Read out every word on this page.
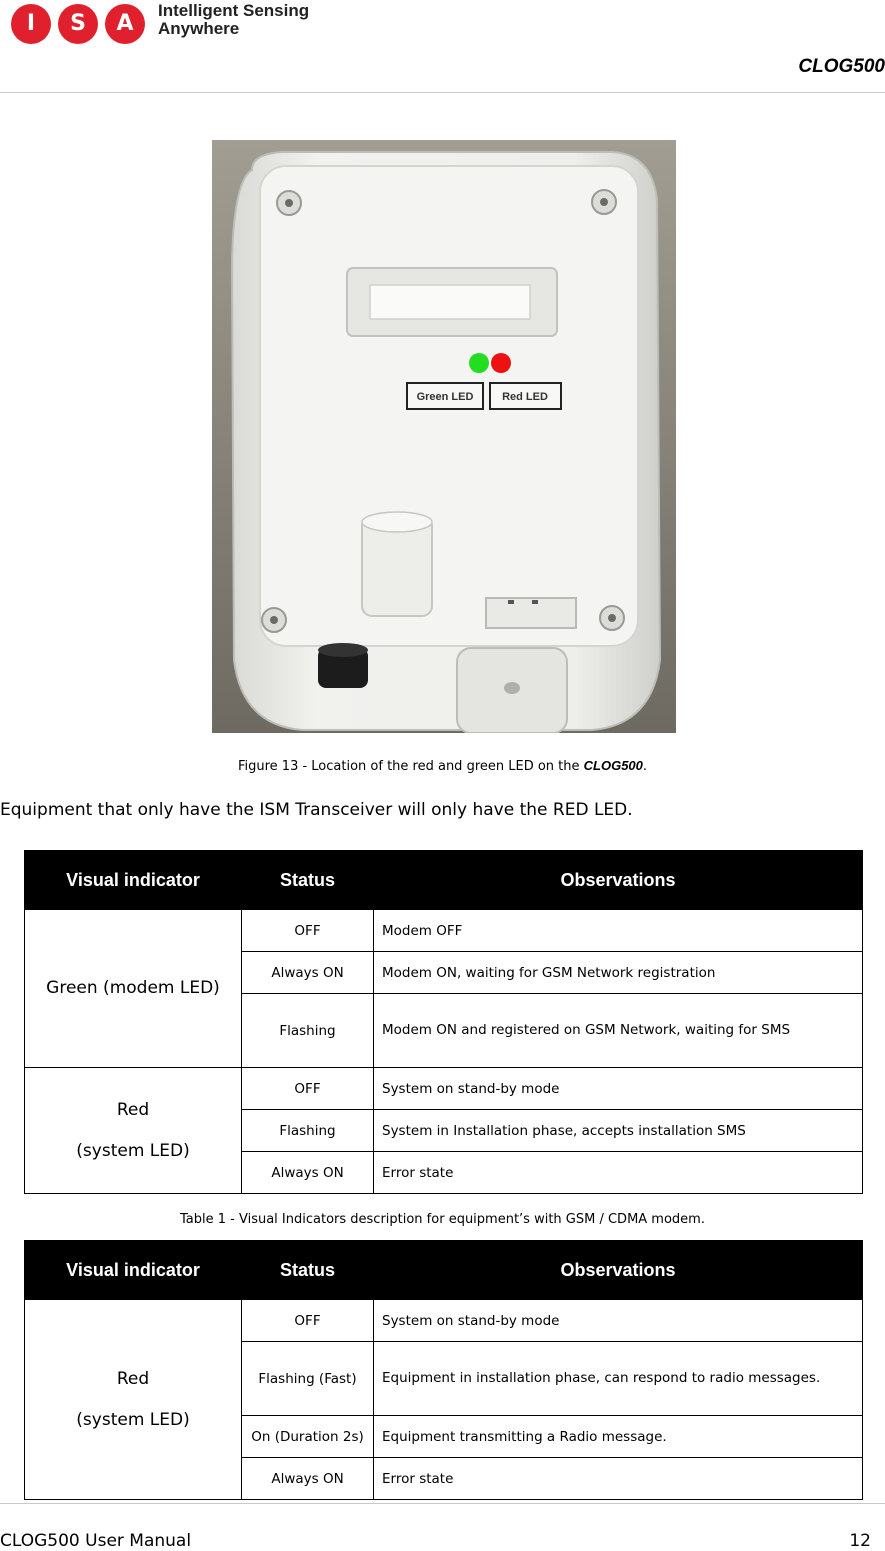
I	S	A
Intelligent Sensing
Anywhere
CLOG500
Green LED	Red LED
Figure 13 - Location of the red and green LED on the CLOG500.
Equipment that only have the ISM Transceiver will only have the RED LED.
Visual indicator	Status	Observations
Green (modem LED)	OFF	Modem OFF
	Always ON	Modem ON, waiting for GSM Network registration
	Flashing	Modem ON and registered on GSM Network, waiting for SMS

Red
(system LED)	OFF	System on stand-by mode
	Flashing	System in Installation phase, accepts installation SMS
	Always ON	Error state
Table 1 - Visual Indicators description for equipment’s with GSM / CDMA modem.
Visual indicator	Status	Observations

Red
(system LED)	OFF	System on stand-by mode
	Flashing (Fast)	Equipment in installation phase, can respond to radio messages.
	On (Duration 2s)	Equipment transmitting a Radio message.
	Always ON	Error state
CLOG500 User Manual	12
